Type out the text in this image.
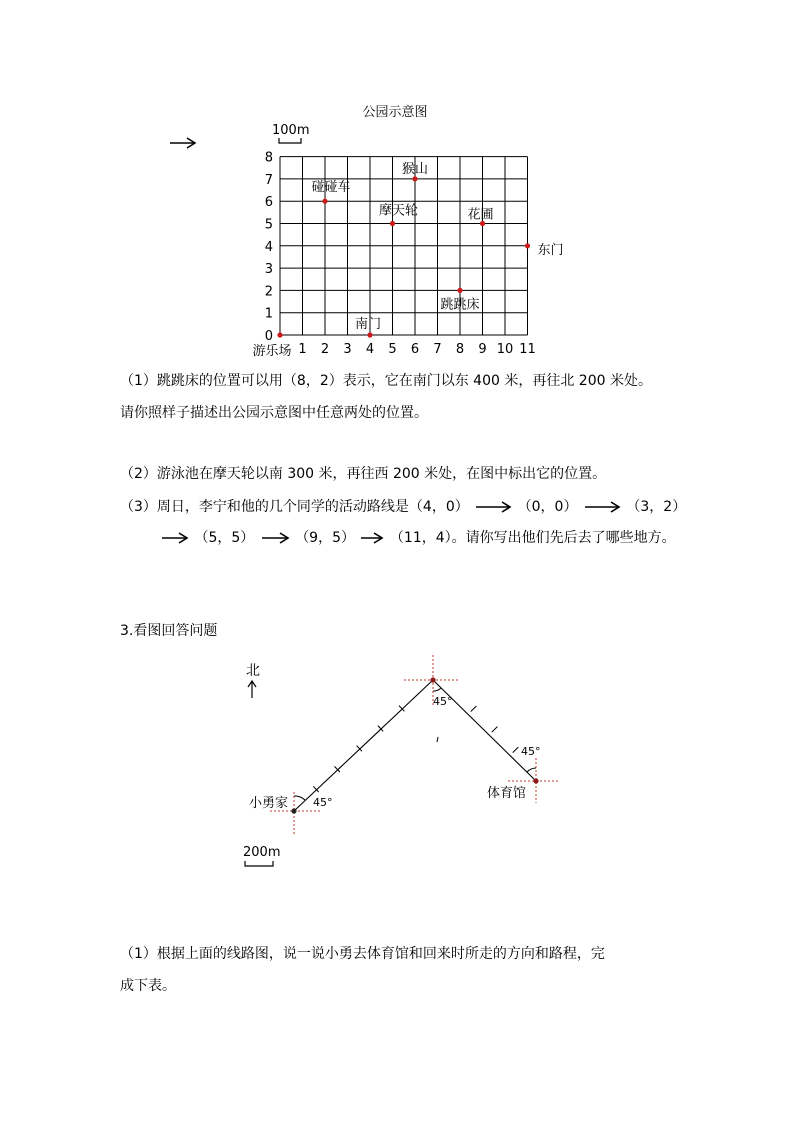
公园示意图
100m
1 2 3 4 5 6 7 8 9 10 11
0
1
2
3
4
5
6
7
8
碰碰车
猴山
摩天轮	花圃
东门
跳跳床
南门
游乐场
（1）跳跳床的位置可以用（8，2）表示，它在南门以东 400 米，再往北 200 米处。
请你照样子描述出公园示意图中任意两处的位置。
（2）游泳池在摩天轮以南 300 米，再往西 200 米处，在图中标出它的位置。
（3）周日，李宁和他的几个同学的活动路线是（4，0）	（0，0）	（3，2）
（5，5）	（9，5） （11，4）。请你写出他们先后去了哪些地方。
3.看图回答问题
北
小勇家
体育馆
45°
45°
45°
200m
（1）根据上面的线路图，说一说小勇去体育馆和回来时所走的方向和路程，完
成下表。
